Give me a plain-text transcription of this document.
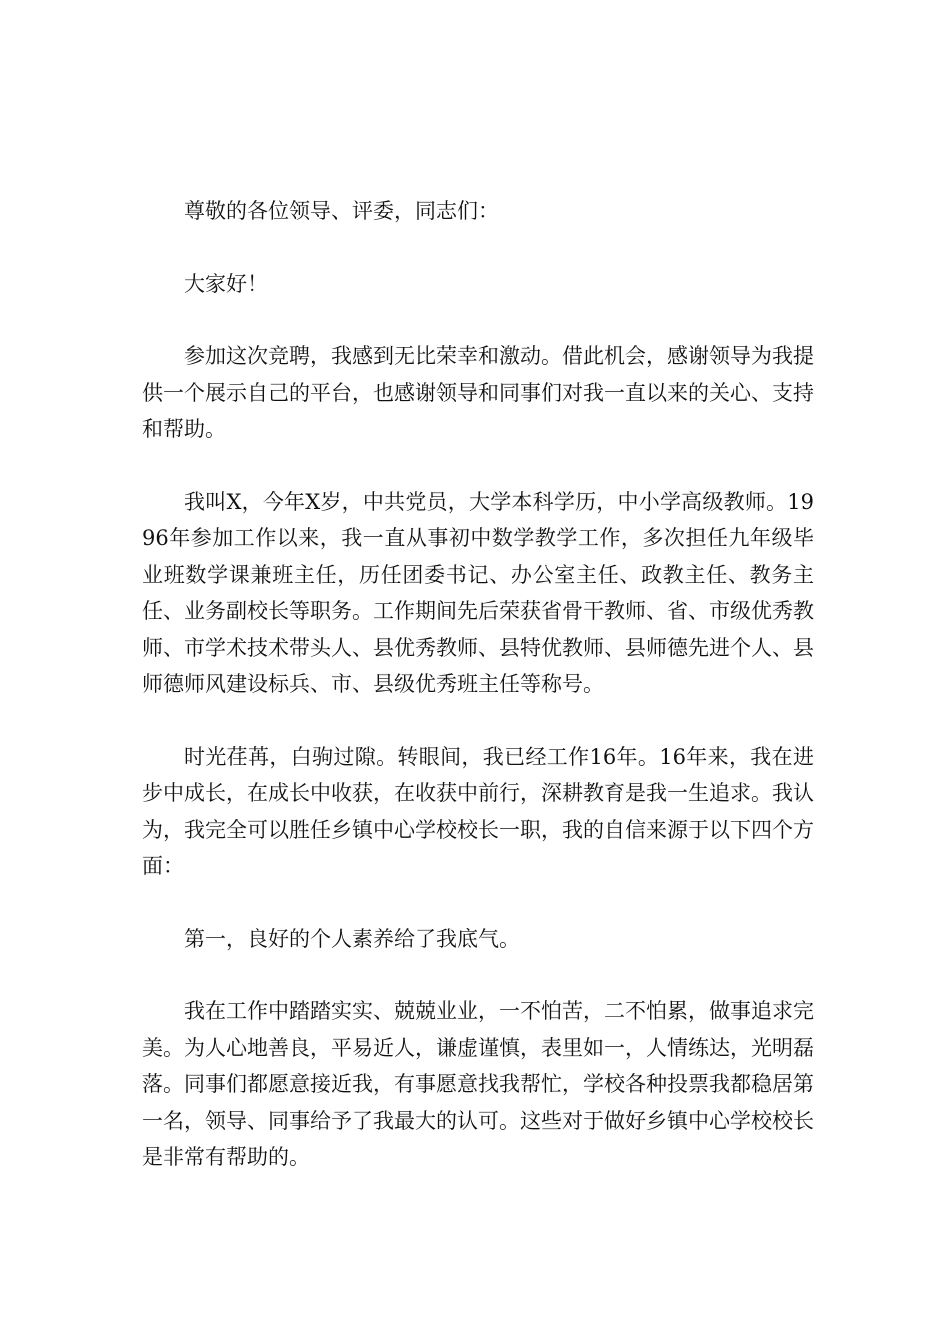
尊敬的各位领导、评委，同志们：

大家好！

参加这次竞聘，我感到无比荣幸和激动。借此机会，感谢领导为我提供一个展示自己的平台，也感谢领导和同事们对我一直以来的关心、支持和帮助。

我叫X，今年X岁，中共党员，大学本科学历，中小学高级教师。1996年参加工作以来，我一直从事初中数学教学工作，多次担任九年级毕业班数学课兼班主任，历任团委书记、办公室主任、政教主任、教务主任、业务副校长等职务。工作期间先后荣获省骨干教师、省、市级优秀教师、市学术技术带头人、县优秀教师、县特优教师、县师德先进个人、县师德师风建设标兵、市、县级优秀班主任等称号。

时光荏苒，白驹过隙。转眼间，我已经工作16年。16年来，我在进步中成长，在成长中收获，在收获中前行，深耕教育是我一生追求。我认为，我完全可以胜任乡镇中心学校校长一职，我的自信来源于以下四个方面：

第一，良好的个人素养给了我底气。

我在工作中踏踏实实、兢兢业业，一不怕苦，二不怕累，做事追求完美。为人心地善良，平易近人，谦虚谨慎，表里如一，人情练达，光明磊落。同事们都愿意接近我，有事愿意找我帮忙，学校各种投票我都稳居第一名，领导、同事给予了我最大的认可。这些对于做好乡镇中心学校校长是非常有帮助的。
